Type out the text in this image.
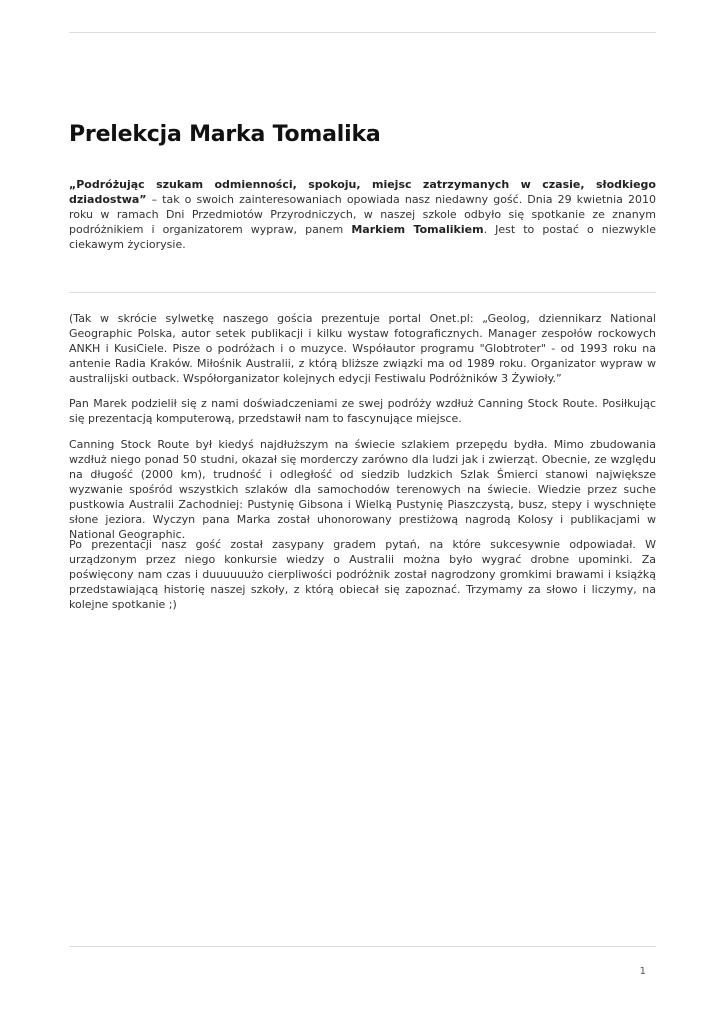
Prelekcja Marka Tomalika

„Podróżując szukam odmienności, spokoju, miejsc zatrzymanych w czasie, słodkiego dziadostwa” – tak o swoich zainteresowaniach opowiada nasz niedawny gość. Dnia 29 kwietnia 2010 roku w ramach Dni Przedmiotów Przyrodniczych, w naszej szkole odbyło się spotkanie ze znanym podróżnikiem i organizatorem wypraw, panem Markiem Tomalikiem. Jest to postać o niezwykle ciekawym życiorysie.

(Tak w skrócie sylwetkę naszego gościa prezentuje portal Onet.pl: „Geolog, dziennikarz National Geographic Polska, autor setek publikacji i kilku wystaw fotograficznych. Manager zespołów rockowych ANKH i KusiCiele. Pisze o podróżach i o muzyce. Współautor programu "Globtroter" - od 1993 roku na antenie Radia Kraków. Miłośnik Australii, z którą bliższe związki ma od 1989 roku. Organizator wypraw w australijski outback. Współorganizator kolejnych edycji Festiwalu Podróżników 3 Żywioły.”

Pan Marek podzielił się z nami doświadczeniami ze swej podróży wzdłuż Canning Stock Route. Posiłkując się prezentacją komputerową, przedstawił nam to fascynujące miejsce.

Canning Stock Route był kiedyś najdłuższym na świecie szlakiem przepędu bydła. Mimo zbudowania wzdłuż niego ponad 50 studni, okazał się morderczy zarówno dla ludzi jak i zwierząt. Obecnie, ze względu na długość (2000 km), trudność i odległość od siedzib ludzkich Szlak Śmierci stanowi największe wyzwanie spośród wszystkich szlaków dla samochodów terenowych na świecie. Wiedzie przez suche pustkowia Australii Zachodniej: Pustynię Gibsona i Wielką Pustynię Piaszczystą, busz, stepy i wyschnięte słone jeziora. Wyczyn pana Marka został uhonorowany prestiżową nagrodą Kolosy i publikacjami w National Geographic.

Po prezentacji nasz gość został zasypany gradem pytań, na które sukcesywnie odpowiadał. W urządzonym przez niego konkursie wiedzy o Australii można było wygrać drobne upominki. Za poświęcony nam czas i duuuuuużo cierpliwości podróżnik został nagrodzony gromkimi brawami i książką przedstawiającą historię naszej szkoły, z którą obiecał się zapoznać. Trzymamy za słowo i liczymy, na kolejne spotkanie ;)

1
